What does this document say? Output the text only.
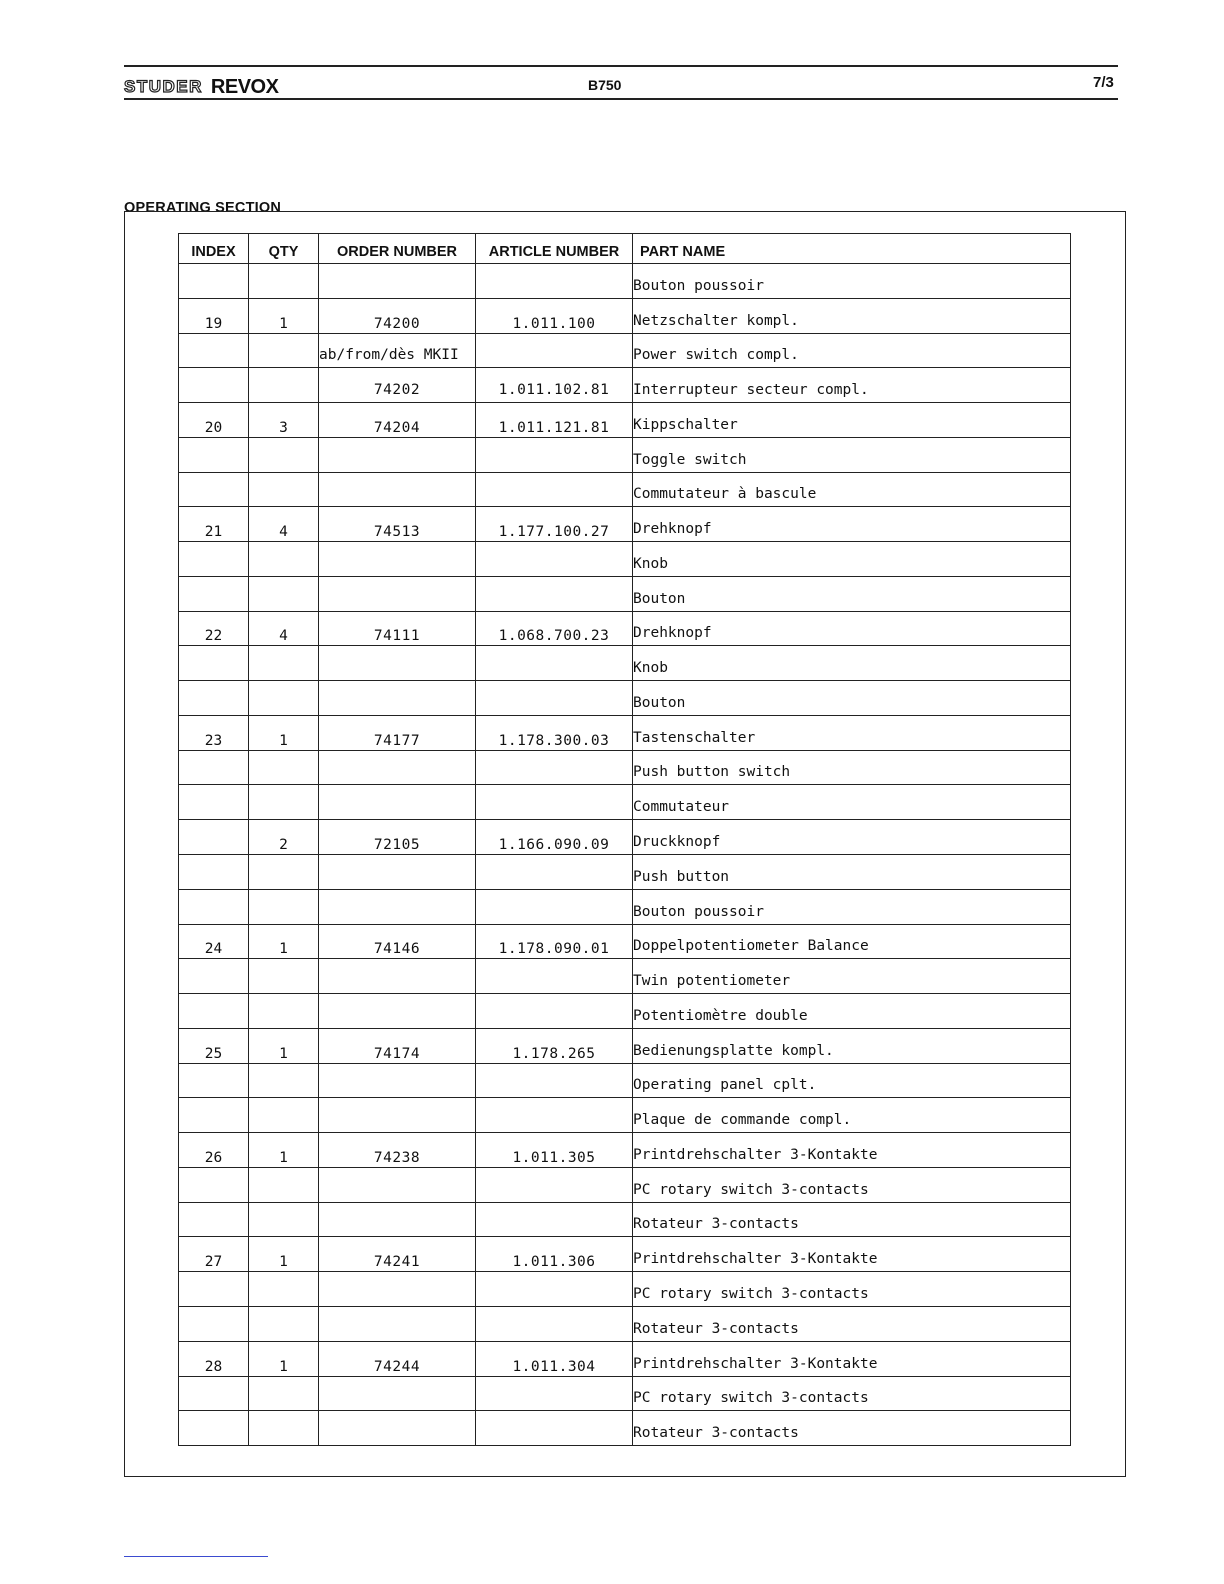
STUDER REVOX	B750	7/3
OPERATING SECTION
INDEX	QTY	ORDER NUMBER	ARTICLE NUMBER	PART NAME
				Bouton poussoir
19	1	74200	1.011.100	Netzschalter kompl.
		ab/from/dès MKII		Power switch compl.
		74202	1.011.102.81	Interrupteur secteur compl.
20	3	74204	1.011.121.81	Kippschalter
				Toggle switch
				Commutateur à bascule
21	4	74513	1.177.100.27	Drehknopf
				Knob
				Bouton
22	4	74111	1.068.700.23	Drehknopf
				Knob
				Bouton
23	1	74177	1.178.300.03	Tastenschalter
				Push button switch
				Commutateur
	2	72105	1.166.090.09	Druckknopf
				Push button
				Bouton poussoir
24	1	74146	1.178.090.01	Doppelpotentiometer Balance
				Twin potentiometer
				Potentiomètre double
25	1	74174	1.178.265	Bedienungsplatte kompl.
				Operating panel cplt.
				Plaque de commande compl.
26	1	74238	1.011.305	Printdrehschalter 3-Kontakte
				PC rotary switch 3-contacts
				Rotateur 3-contacts
27	1	74241	1.011.306	Printdrehschalter 3-Kontakte
				PC rotary switch 3-contacts
				Rotateur 3-contacts
28	1	74244	1.011.304	Printdrehschalter 3-Kontakte
				PC rotary switch 3-contacts
				Rotateur 3-contacts
